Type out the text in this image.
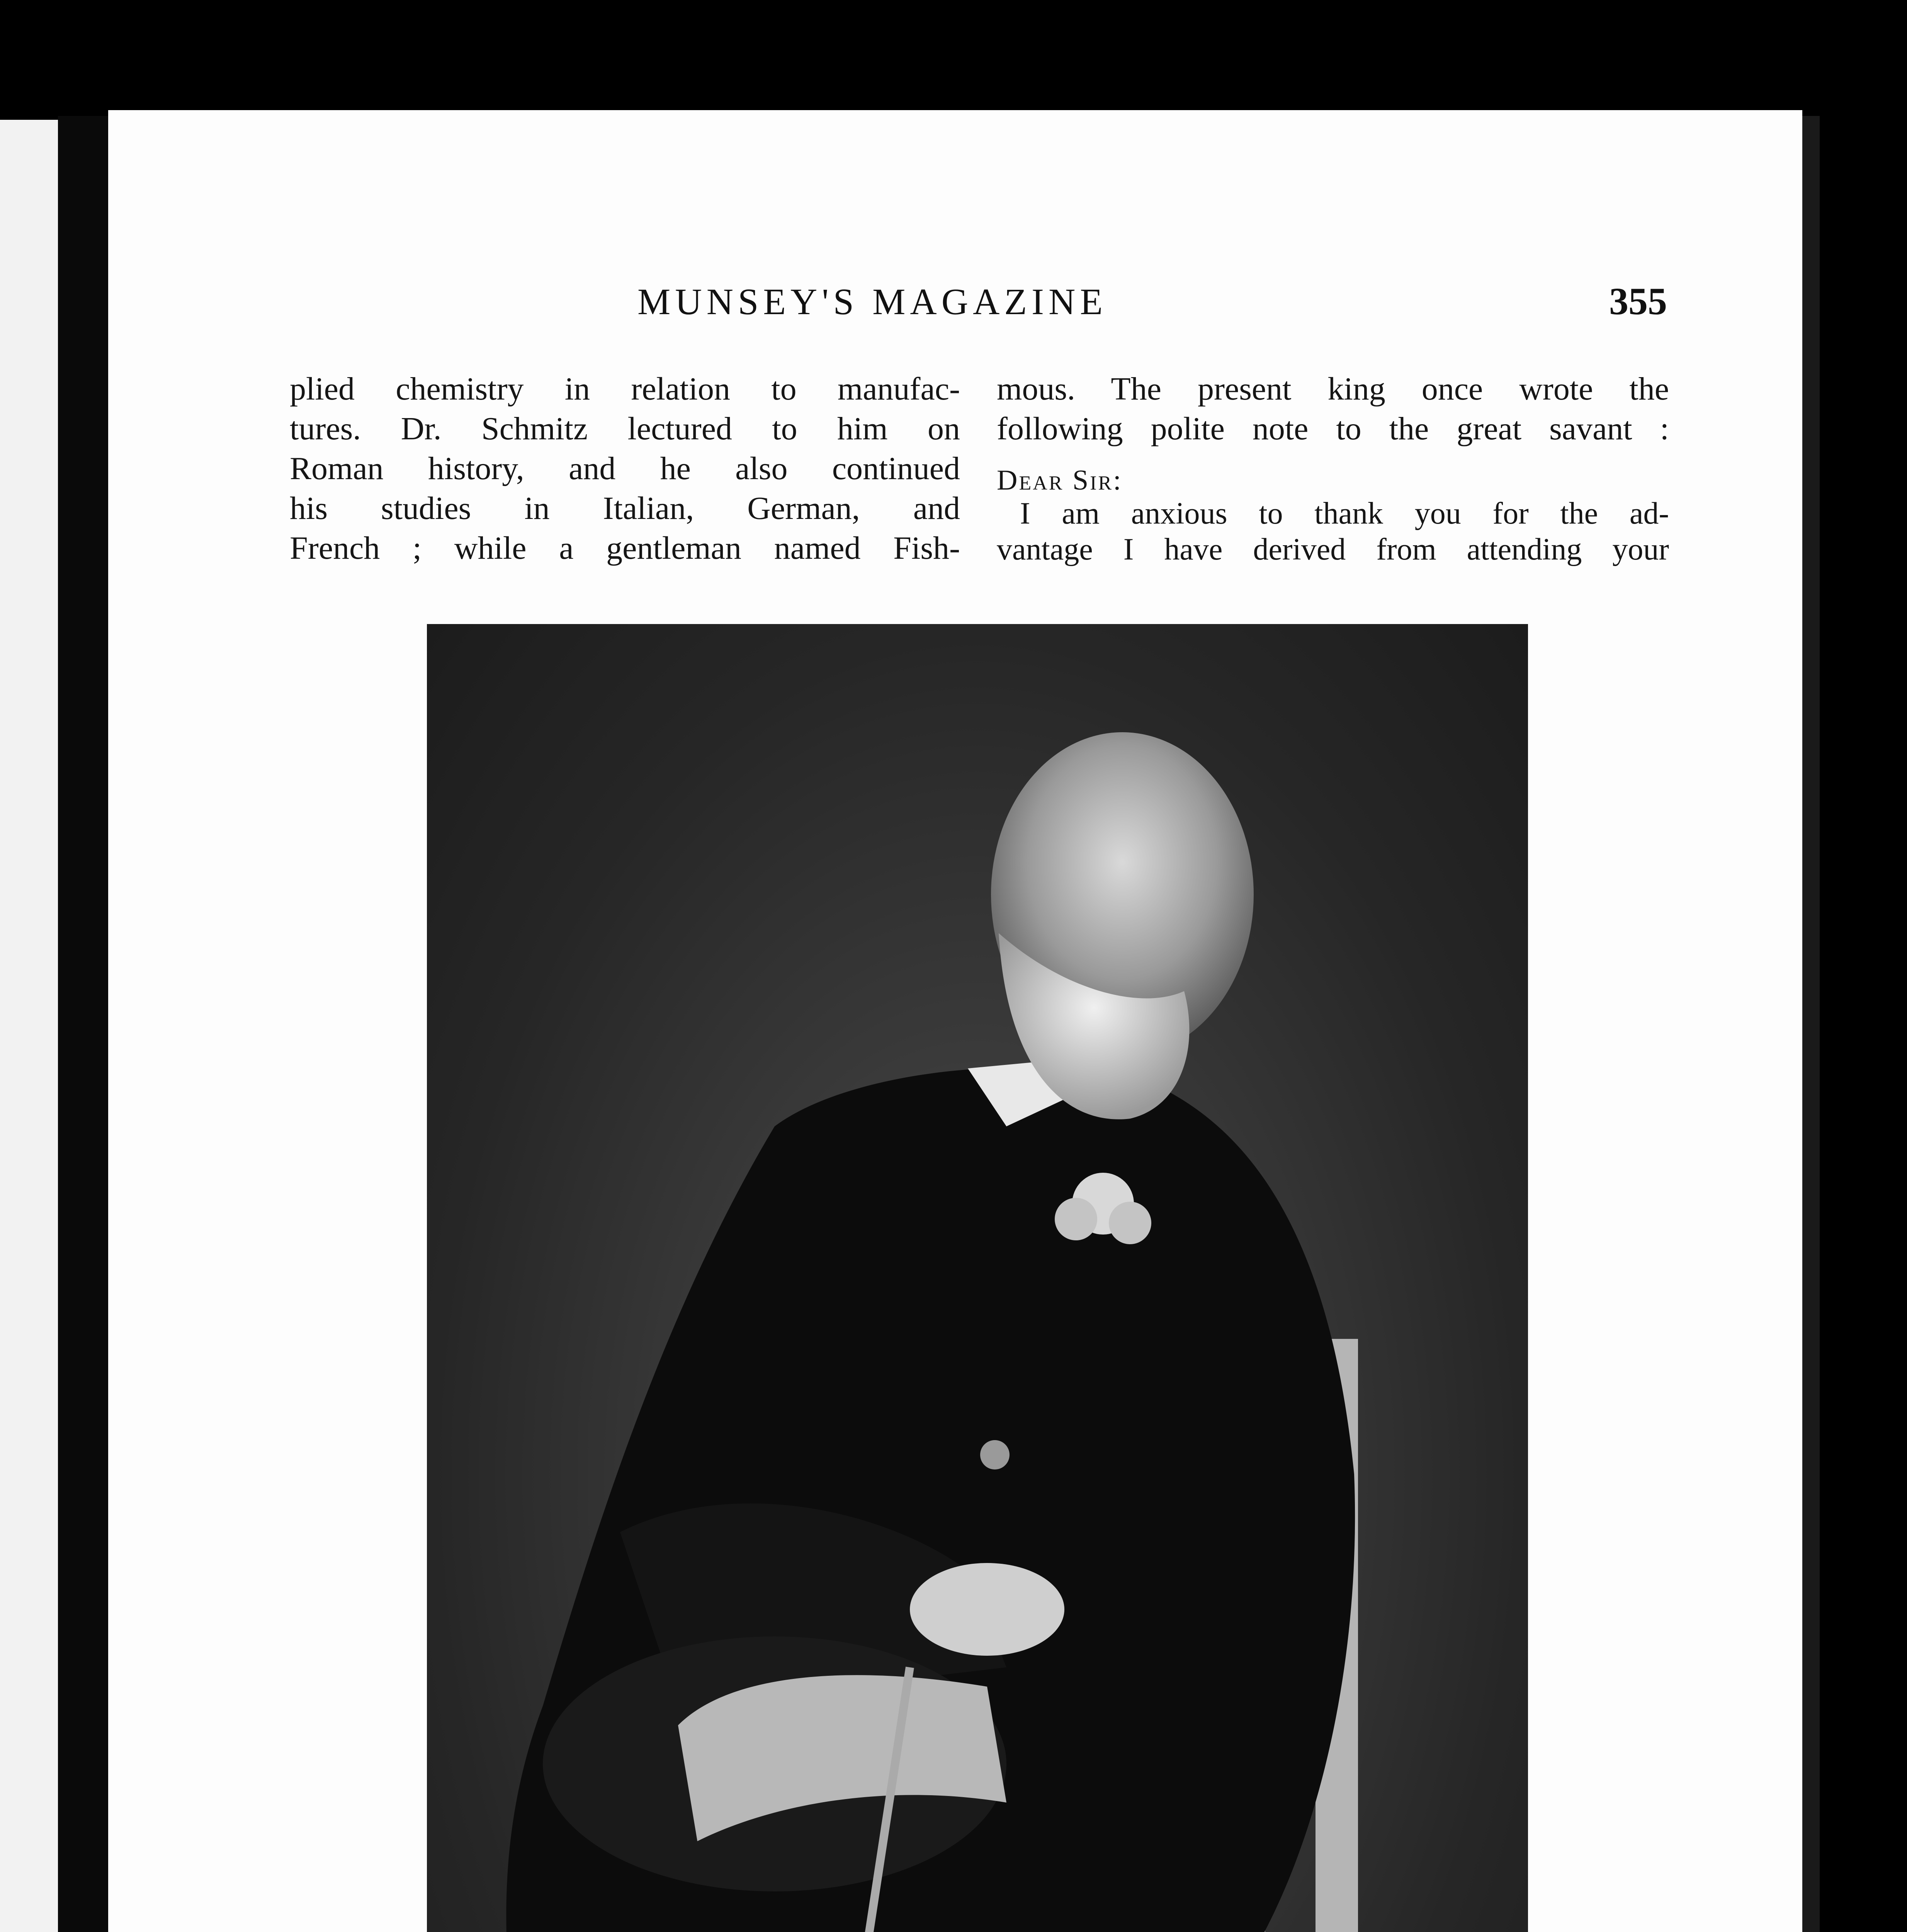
MUNSEY'S MAGAZINE	355
plied chemistry in relation to manufac-
tures. Dr. Schmitz lectured to him on
Roman history, and he also continued
his studies in Italian, German, and
French ; while a gentleman named Fish-
mous. The present king once wrote the
following polite note to the great savant :
Dear Sir:
I am anxious to thank you for the ad-
vantage I have derived from attending your
